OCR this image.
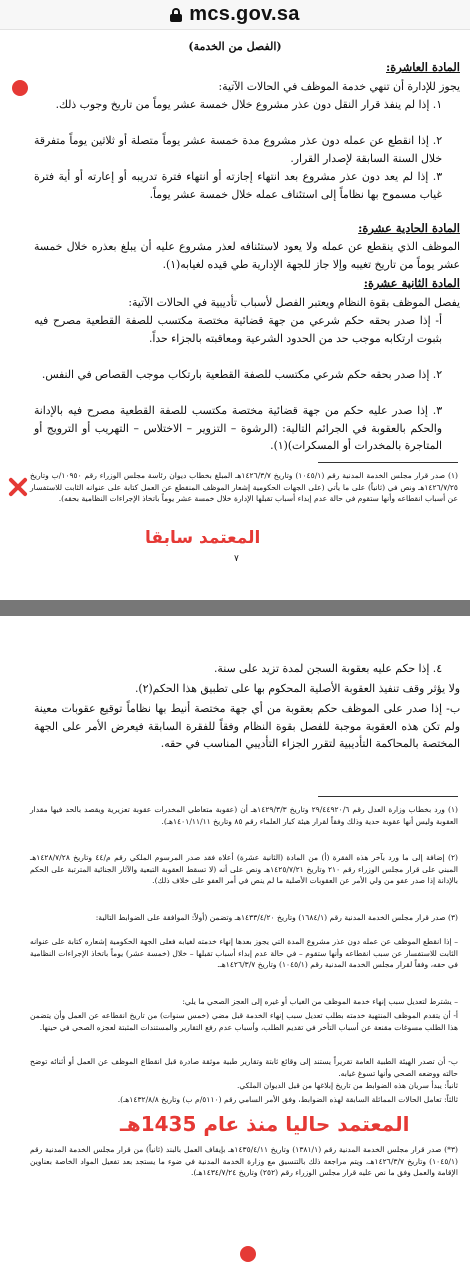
mcs.gov.sa
(الفصل من الخدمة)
المادة العاشرة:
يجوز للإدارة أن تنهي خدمة الموظف في الحالات الآتية:
١. إذا لم ينفذ قرار النقل دون عذر مشروع خلال خمسة عشر يوماً من تاريخ وجوب ذلك.
٢. إذا انقطع عن عمله دون عذر مشروع مدة خمسة عشر يوماً متصلة أو ثلاثين يوماً متفرقة خلال السنة السابقة لإصدار القرار.
٣. إذا لم يعد دون عذر مشروع بعد انتهاء إجازته أو انتهاء فترة تدريبه أو إعارته أو أية فترة غياب مسموح بها نظاماً إلى استئناف عمله خلال خمسة عشر يوماً.
المادة الحادية عشرة:
الموظف الذي ينقطع عن عمله ولا يعود لاستئنافه لعذر مشروع عليه أن يبلغ بعذره خلال خمسة عشر يوماً من تاريخ تغيبه وإلا جاز للجهة الإدارية طي قيده لغيابه(١).
المادة الثانية عشرة:
يفصل الموظف بقوة النظام ويعتبر الفصل لأسباب تأديبية في الحالات الآتية:
أ- إذا صدر بحقه حكم شرعي من جهة قضائية مختصة مكتسب للصفة القطعية مصرح فيه بثبوت ارتكابه موجب حد من الحدود الشرعية ومعاقبته بالجزاء حداً.
٢. إذا صدر بحقه حكم شرعي مكتسب للصفة القطعية بارتكاب موجب القصاص في النفس.
٣. إذا صدر عليه حكم من جهة قضائية مختصة مكتسب للصفة القطعية مصرح فيه بالإدانة والحكم بالعقوبة في الجرائم التالية: (الرشوة – التزوير – الاختلاس – التهريب أو الترويج أو المتاجرة بالمخدرات أو المسكرات)(١).
(١) صدر قرار مجلس الخدمة المدنية رقم (١٠٤٥/١) وتاريخ ١٤٢٦/٣/٧هـ المبلغ بخطاب ديوان رئاسة مجلس الوزراء رقم ١٠٩٥٠/ب وتاريخ ١٤٢٦/٧/٢٥هـ ونص في (ثانياً) على ما يأتي (على الجهات الحكومية إشعار الموظف المنقطع عن العمل كتابة على عنوانه الثابت للاستفسار عن أسباب انقطاعه وأنها ستقوم في حالة عدم إبداء أسباب تقبلها الإدارة خلال خمسة عشر يوماً باتخاذ الإجراءات النظامية بحقه).
المعتمد سابقا
٧
٤. إذا حكم عليه بعقوبة السجن لمدة تزيد على سنة.
ولا يؤثر وقف تنفيذ العقوبة الأصلية المحكوم بها على تطبيق هذا الحكم(٢).
ب- إذا صدر على الموظف حكم بعقوبة من أي جهة مختصة أنيط بها نظاماً توقيع عقوبات معينة ولم تكن هذه العقوبة موجبة للفصل بقوة النظام وفقاً للفقرة السابقة فيعرض الأمر على الجهة المختصة بالمحاكمة التأديبية لتقرر الجزاء التأديبي المناسب في حقه.
(١) ورد بخطاب وزارة العدل رقم ٢٩/٤٤٩٢٠/٦ وتاريخ ١٤٢٩/٣/٣هـ أن (عقوبة متعاطي المخدرات عقوبة تعزيرية ويقصد بالحد فيها مقدار العقوبة وليس أنها عقوبة حدية وذلك وفقاً لقرار هيئة كبار العلماء رقم ٨٥ وتاريخ ١٤٠١/١١/١١هـ).
(٢) إضافة إلى ما ورد بآخر هذه الفقرة (أ) من المادة (الثانية عشرة) أعلاه فقد صدر المرسوم الملكي رقم م/٤٤ وتاريخ ١٤٢٨/٧/٢٨هـ المبني على قرار مجلس الوزراء رقم ٢١٠ وتاريخ ١٤٢٥/٧/٢١هـ ونص على أنه (لا تسقط العقوبة التبعية والآثار الجنائية المترتبة على الحكم بالإدانة إذا صدر عفو من ولي الأمر عن العقوبات الأصلية ما لم ينص في أمر العفو على خلاف ذلك).
(٣) صدر قرار مجلس الخدمة المدنية رقم (١٦٨٤/١) وتاريخ ١٤٣٣/٤/٢٠هـ وتضمن (أولاً: الموافقة على الضوابط التالية:
– إذا انقطع الموظف عن عمله دون عذر مشروع المدة التي يجوز بعدها إنهاء خدمته لغيابه فعلى الجهة الحكومية إشعاره كتابة على عنوانه الثابت للاستفسار عن سبب انقطاعه وأنها ستقوم – في حالة عدم إبداء أسباب تقبلها – خلال (خمسة عشر) يوماً باتخاذ الإجراءات النظامية في حقه، وفقاً لقرار مجلس الخدمة المدنية رقم (١٠٤٥/١) وتاريخ ١٤٢٦/٣/٧هـ.
– يشترط لتعديل سبب إنهاء خدمة الموظف من الغياب أو غيره إلى العجز الصحي ما يلي:
أ- أن يتقدم الموظف المنتهية خدمته بطلب تعديل سبب إنهاء الخدمة قبل مضي (خمس سنوات) من تاريخ انقطاعه عن العمل وأن يتضمن هذا الطلب مسوغات مقنعة عن أسباب التأخر في تقديم الطلب، وأسباب عدم رفع التقارير والمستندات المثبتة لعجزه الصحي في حينها.
ب- أن تصدر الهيئة الطبية العامة تقريراً يستند إلى وقائع ثابتة وتقارير طبية موثقة صادرة قبل انقطاع الموظف عن العمل أو أثنائه توضح حالته ووضعه الصحي وأنها تسوغ غيابه.
ثانياً: يبدأ سريان هذه الضوابط من تاريخ إبلاغها من قبل الديوان الملكي.
ثالثاً: تعامل الحالات المماثلة السابقة لهذه الضوابط، وفق الأمر السامي رقم (٥١١٠/م ب) وتاريخ ١٤٣٢/٨/٨هـ).
المعتمد حاليا منذ عام 1435هـ
(٣*) صدر قرار مجلس الخدمة المدنية رقم (١٣٨١/١) وتاريخ ١٤٣٥/٤/١١هـ بإيقاف العمل بالبند (ثانياً) من قرار مجلس الخدمة المدنية رقم (١٠٤٥/١) وتاريخ ١٤٢٦/٣/٧هـ، ويتم مراجعة ذلك بالتنسيق مع وزارة الخدمة المدنية في ضوء ما يستجد بعد تفعيل المواد الخاصة بعناوين الإقامة والعمل وفق ما نص عليه قرار مجلس الوزراء رقم (٢٥٢) وتاريخ ١٤٣٤/٧/٢٤هـ).
